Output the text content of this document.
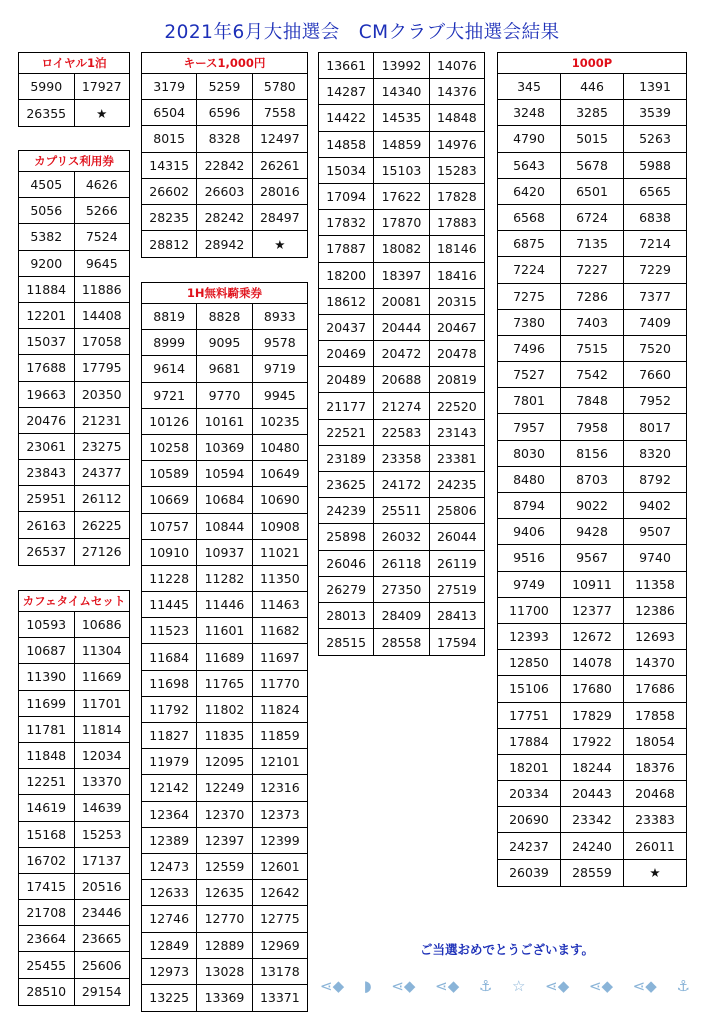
2021年6月大抽選会　CMクラブ大抽選会結果
ロイヤル1泊
5990	17927
26355	★
カプリス利用券
4505	4626
5056	5266
5382	7524
9200	9645
11884	11886
12201	14408
15037	17058
17688	17795
19663	20350
20476	21231
23061	23275
23843	24377
25951	26112
26163	26225
26537	27126
カフェタイムセット
10593	10686
10687	11304
11390	11669
11699	11701
11781	11814
11848	12034
12251	13370
14619	14639
15168	15253
16702	17137
17415	20516
21708	23446
23664	23665
25455	25606
28510	29154
キース1,000円
3179	5259	5780
6504	6596	7558
8015	8328	12497
14315	22842	26261
26602	26603	28016
28235	28242	28497
28812	28942	★
1H無料騎乗券
8819	8828	8933
8999	9095	9578
9614	9681	9719
9721	9770	9945
10126	10161	10235
10258	10369	10480
10589	10594	10649
10669	10684	10690
10757	10844	10908
10910	10937	11021
11228	11282	11350
11445	11446	11463
11523	11601	11682
11684	11689	11697
11698	11765	11770
11792	11802	11824
11827	11835	11859
11979	12095	12101
12142	12249	12316
12364	12370	12373
12389	12397	12399
12473	12559	12601
12633	12635	12642
12746	12770	12775
12849	12889	12969
12973	13028	13178
13225	13369	13371
13661	13992	14076
14287	14340	14376
14422	14535	14848
14858	14859	14976
15034	15103	15283
17094	17622	17828
17832	17870	17883
17887	18082	18146
18200	18397	18416
18612	20081	20315
20437	20444	20467
20469	20472	20478
20489	20688	20819
21177	21274	22520
22521	22583	23143
23189	23358	23381
23625	24172	24235
24239	25511	25806
25898	26032	26044
26046	26118	26119
26279	27350	27519
28013	28409	28413
28515	28558	17594
1000P
345	446	1391
3248	3285	3539
4790	5015	5263
5643	5678	5988
6420	6501	6565
6568	6724	6838
6875	7135	7214
7224	7227	7229
7275	7286	7377
7380	7403	7409
7496	7515	7520
7527	7542	7660
7801	7848	7952
7957	7958	8017
8030	8156	8320
8480	8703	8792
8794	9022	9402
9406	9428	9507
9516	9567	9740
9749	10911	11358
11700	12377	12386
12393	12672	12693
12850	14078	14370
15106	17680	17686
17751	17829	17858
17884	17922	18054
18201	18244	18376
20334	20443	20468
20690	23342	23383
24237	24240	26011
26039	28559	★
ご当選おめでとうございます。
⋖◆ ◗ ⋖◆ ⋖◆ ⚓ ☆ ⋖◆ ⋖◆ ⋖◆ ⚓
